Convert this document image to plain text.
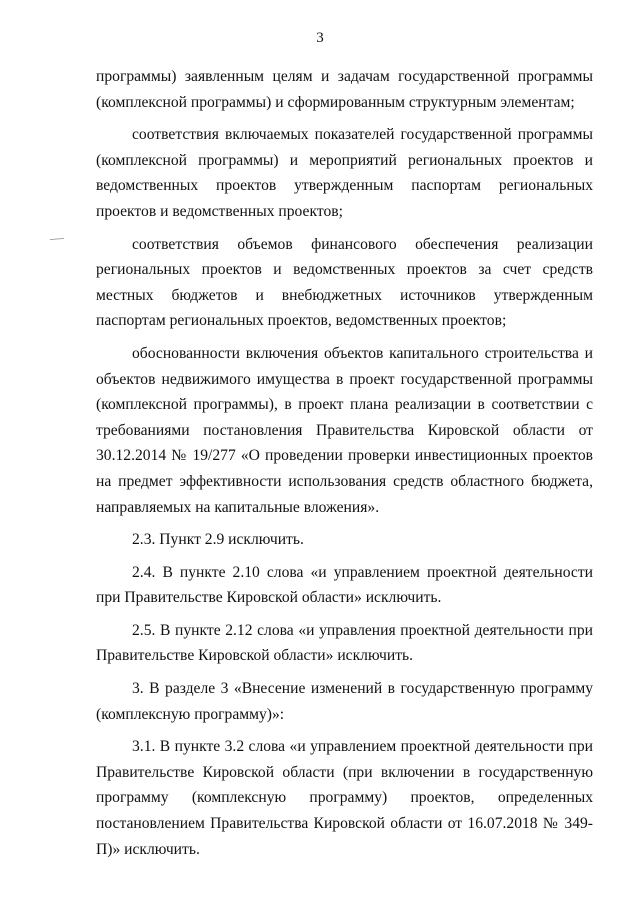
3

программы) заявленным целям и задачам государственной программы (комплексной программы) и сформированным структурным элементам;

соответствия включаемых показателей государственной программы (комплексной программы) и мероприятий региональных проектов и ведомственных проектов утвержденным паспортам региональных проектов и ведомственных проектов;

соответствия объемов финансового обеспечения реализации региональных проектов и ведомственных проектов за счет средств местных бюджетов и внебюджетных источников утвержденным паспортам региональных проектов, ведомственных проектов;

обоснованности включения объектов капитального строительства и объектов недвижимого имущества в проект государственной программы (комплексной программы), в проект плана реализации в соответствии с требованиями постановления Правительства Кировской области от 30.12.2014 № 19/277 «О проведении проверки инвестиционных проектов на предмет эффективности использования средств областного бюджета, направляемых на капитальные вложения».

2.3. Пункт 2.9 исключить.

2.4. В пункте 2.10 слова «и управлением проектной деятельности при Правительстве Кировской области» исключить.

2.5. В пункте 2.12 слова «и управления проектной деятельности при Правительстве Кировской области» исключить.

3. В разделе 3 «Внесение изменений в государственную программу (комплексную программу)»:

3.1. В пункте 3.2 слова «и управлением проектной деятельности при Правительстве Кировской области (при включении в государственную программу (комплексную программу) проектов, определенных постановлением Правительства Кировской области от 16.07.2018 № 349-П)» исключить.
